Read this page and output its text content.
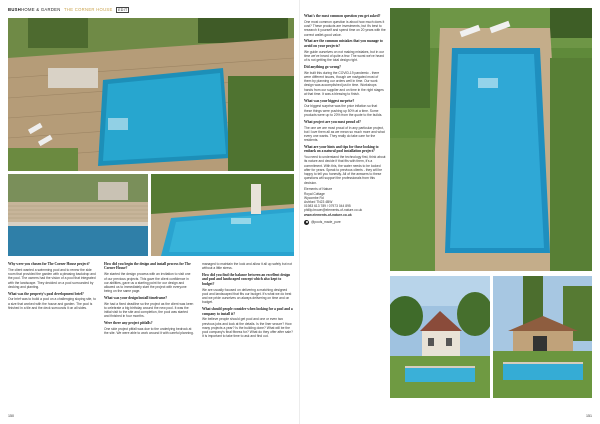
BUSHHOME & GARDEN THE CORNER HOUSE EDIT

Why were you chosen for The Corner House project?

The client wanted a swimming pool and to renew the side room that provided the garden with a pleasing backdrop and the pool. The owners had the vision of a pool that integrated with the landscape. They decided on a pool surrounded by decking and planting.

What was the property's pool development brief?

Our brief was to build a pool on a challenging sloping site, to a size that worked with the house and garden. The pool is finished in a tile and the deck surrounds it on all sides.

How did you begin the design and install process for The Corner House?

We started the design process with an invitation to visit one of our previous projects. This gave the client confidence in our abilities, gave us a starting point for our design and allowed us to immediately start the project with everyone being on the same page.

What was your design/install timeframe?

We had a fixed deadline so the project as the client was keen to celebrate a big birthday around the new pool. It was the initial visit to the site and completion, the pool was started and finished in four months.

Were there any project pitfalls?

One side project pitfall was due to the underlying bedrock at the site. We were able to work around it with careful planning.

managed to maintain the look and allow it all up safely but not without a little stress.

How did you find the balance between an excellent design and pool and landscaped concept which also kept to budget?

We are usually focused on delivering a matching designed pool and landscaped that fits our budget. It's what we do best and we pride ourselves on always delivering on time and on budget.

What should people consider when looking for a pool and a company to install it?

We believe people should get pool and one or even two previous jobs and look at the details. Is the liner secure? How many projects a year? Is the building done? What will be the pool company's final fitness for? What do they offer after sale? It is important to take time to ask and find out.

150

What's the most common question you get asked?

One most common question is about how much does it cost? These products are investments, but it's best to research it yourself and spend time on 20 years with the correct wallet-good value.

What are the common mistakes that you manage to avoid on your projects?

We guide ourselves on not making mistakes, but in our time we've heard of quite a few. The worst we've heard of is not getting the total design right.

Did anything go wrong?

We built this during the COVID-19 pandemic - there were different issues, though we navigated most of them by planning our orders well in time. Our work design was accomplished just in time. Workshops hands from our supplier and on time in the right stages at that time. It was a blessing to finish.

What was your biggest surprise?

Our biggest surprise was the price inflation so that these things were pushing up 50% at a time. Some products were up to 20% from the quote to the builds.

What project are you most proud of?

The one we are most proud of in any particular project, but I love them all as we mean so much more and what every one wants. They really do take care for the residents.

What are your hints and tips for those looking to embark on a natural pool installation project?

You need to understand the technology first, think about its nature and decide if that fits with them, it's a commitment. With this, the water needs to be looked after for years. Speak to previous clients - they will be happy to tell you honestly. All of the answers to these questions will support the professionals from this decision.

Elements of Nature
Royal Cottage
Wycombe Rd
Ashford TN23 4BW
01983 613 789 / 07973 044 895
phillip.brown@elements-of-nature.co.uk
www.elements-of-nature.co.uk
@pools_made_pure
151
